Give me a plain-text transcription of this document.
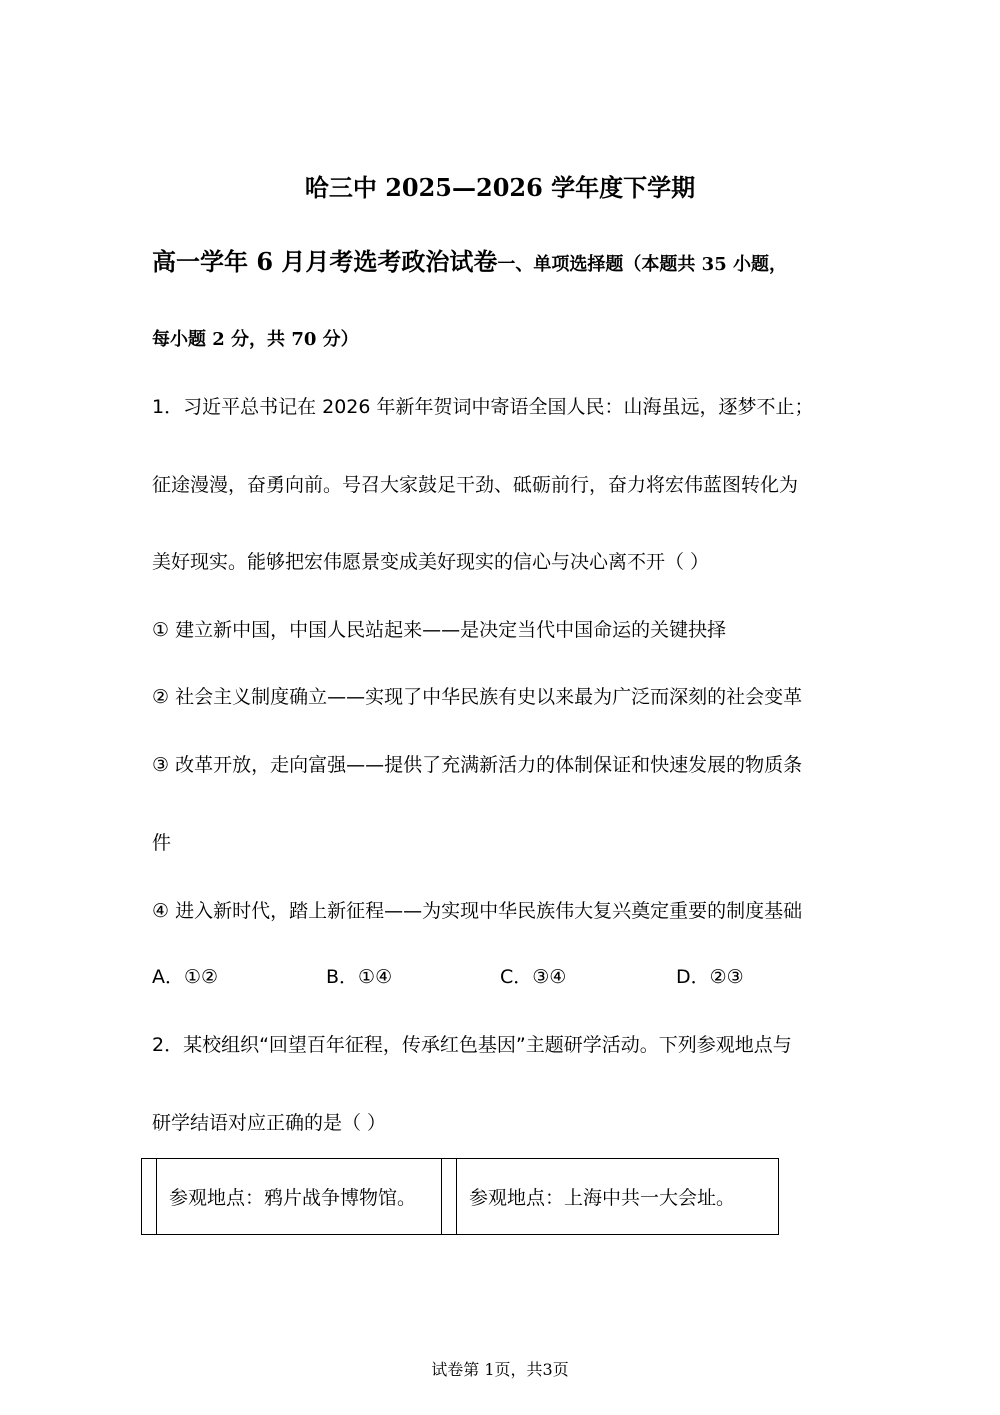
哈三中 2025—2026 学年度下学期
高一学年 6 月月考选考政治试卷一、单项选择题（本题共 35 小题，
每小题 2 分，共 70 分）
1．习近平总书记在 2026 年新年贺词中寄语全国人民：山海虽远，逐梦不止；
征途漫漫，奋勇向前。号召大家鼓足干劲、砥砺前行，奋力将宏伟蓝图转化为
美好现实。能够把宏伟愿景变成美好现实的信心与决心离不开（ ）
① 建立新中国，中国人民站起来——是决定当代中国命运的关键抉择
② 社会主义制度确立——实现了中华民族有史以来最为广泛而深刻的社会变革
③ 改革开放，走向富强——提供了充满新活力的体制保证和快速发展的物质条
件
④ 进入新时代，踏上新征程——为实现中华民族伟大复兴奠定重要的制度基础
A．①②	B．①④	C．③④	D．②③
2．某校组织“回望百年征程，传承红色基因”主题研学活动。下列参观地点与
研学结语对应正确的是（ ）
	参观地点：鸦片战争博物馆。		参观地点：上海中共一大会址。
试卷第 1页，共3页
